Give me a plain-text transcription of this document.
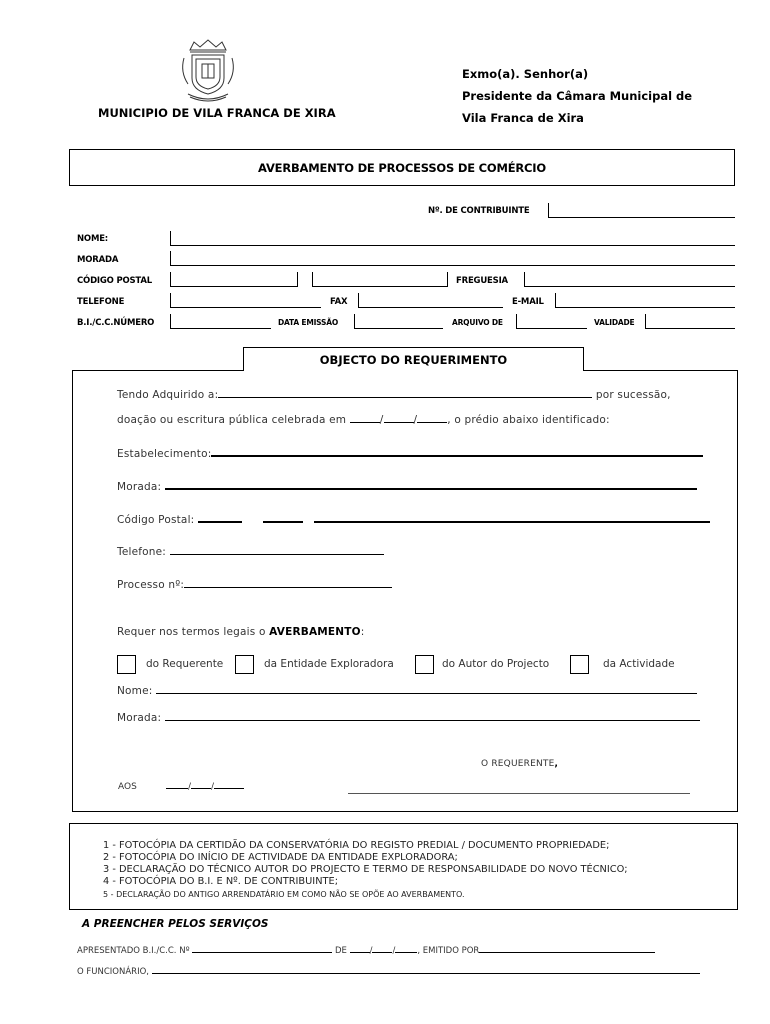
MUNICIPIO DE VILA FRANCA DE XIRA
Exmo(a). Senhor(a)
Presidente da Câmara Municipal de
Vila Franca de Xira
AVERBAMENTO DE PROCESSOS DE COMÉRCIO
Nº. DE CONTRIBUINTE
NOME:
MORADA
CÓDIGO POSTAL	FREGUESIA
TELEFONE	FAX	E-MAIL
B.I./C.C.NÚMERO	DATA EMISSÃO	ARQUIVO DE	VALIDADE
OBJECTO DO REQUERIMENTO
Tendo Adquirido a:	por sucessão,
doação ou escritura pública celebrada em	/	/	, o prédio abaixo identificado:
Estabelecimento:
Morada:
Código Postal:
Telefone:
Processo nº:
Requer nos termos legais o AVERBAMENTO:
do Requerente	da Entidade Exploradora	do Autor do Projecto	da Actividade
Nome:
Morada:
O REQUERENTE,
AOS	/ /
1 - FOTOCÓPIA DA CERTIDÃO DA CONSERVATÓRIA DO REGISTO PREDIAL / DOCUMENTO PROPRIEDADE;
2 - FOTOCÓPIA DO INÍCIO DE ACTIVIDADE DA ENTIDADE EXPLORADORA;
3 - DECLARAÇÃO DO TÉCNICO AUTOR DO PROJECTO E TERMO DE RESPONSABILIDADE DO NOVO TÉCNICO;
4 - FOTOCÓPIA DO B.I. E Nº. DE CONTRIBUINTE;
5 - DECLARAÇÃO DO ANTIGO ARRENDATÁRIO EM COMO NÃO SE OPÕE AO AVERBAMENTO.
A PREENCHER PELOS SERVIÇOS
APRESENTADO B.I./C.C. Nº	DE	/ /	, EMITIDO POR
O FUNCIONÁRIO,
